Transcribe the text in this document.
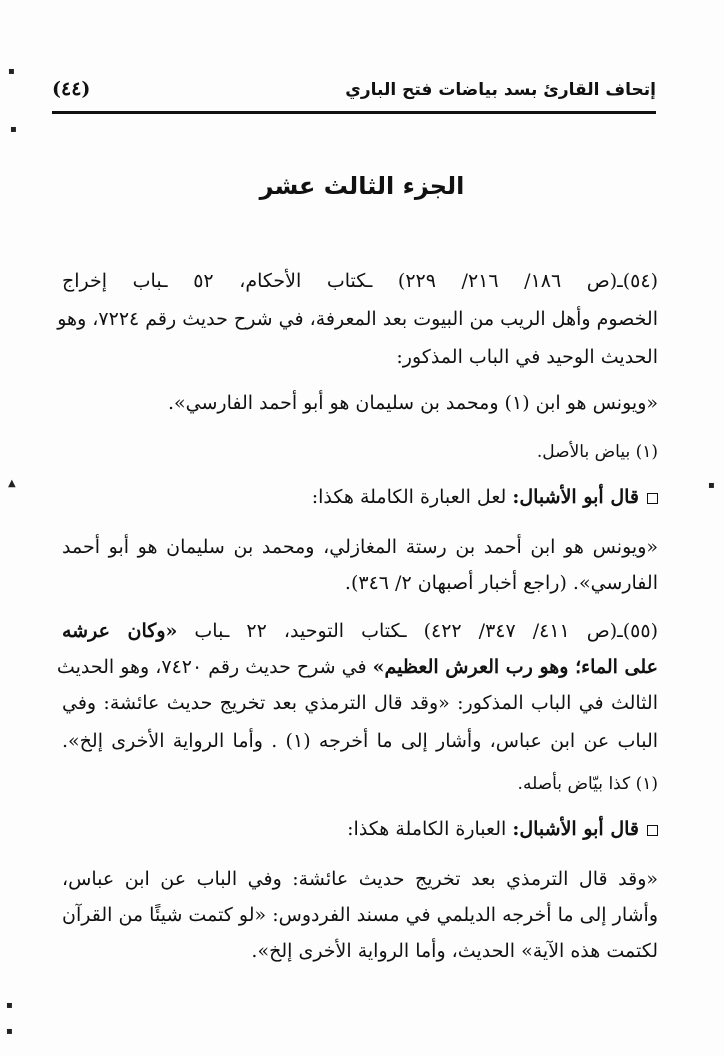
▪
▪
▲	▪
▪
▪
إتحاف القارئ بسد بياضات فتح الباري
(٤٤)
الجزء الثالث عشر
(٥٤)ـ(ص ١٨٦/ ٢١٦/ ٢٢٩) ـكتاب الأحكام، ٥٢ ـباب إخراج
الخصوم وأهل الريب من البيوت بعد المعرفة، في شرح حديث رقم ٧٢٢٤، وهو
الحديث الوحيد في الباب المذكور:
«ويونس هو ابن (١) ومحمد بن سليمان هو أبو أحمد الفارسي».
(١) بياض بالأصل.
قال أبو الأشبال: لعل العبارة الكاملة هكذا:
«ويونس هو ابن أحمد بن رستة المغازلي، ومحمد بن سليمان هو أبو أحمد
الفارسي». (راجع أخبار أصبهان ٢/ ٣٤٦).
(٥٥)ـ(ص ٤١١/ ٣٤٧/ ٤٢٢) ـكتاب التوحيد، ٢٢ ـباب «وكان عرشه
على الماء؛ وهو رب العرش العظيم» في شرح حديث رقم ٧٤٢٠، وهو الحديث
الثالث في الباب المذكور: «وقد قال الترمذي بعد تخريج حديث عائشة: وفي
الباب عن ابن عباس، وأشار إلى ما أخرجه (١) . وأما الرواية الأخرى إلخ».
(١) كذا بيّاض بأصله.
قال أبو الأشبال: العبارة الكاملة هكذا:
«وقد قال الترمذي بعد تخريج حديث عائشة: وفي الباب عن ابن عباس،
وأشار إلى ما أخرجه الديلمي في مسند الفردوس: «لو كتمت شيئًا من القرآن
لكتمت هذه الآية» الحديث، وأما الرواية الأخرى إلخ».
